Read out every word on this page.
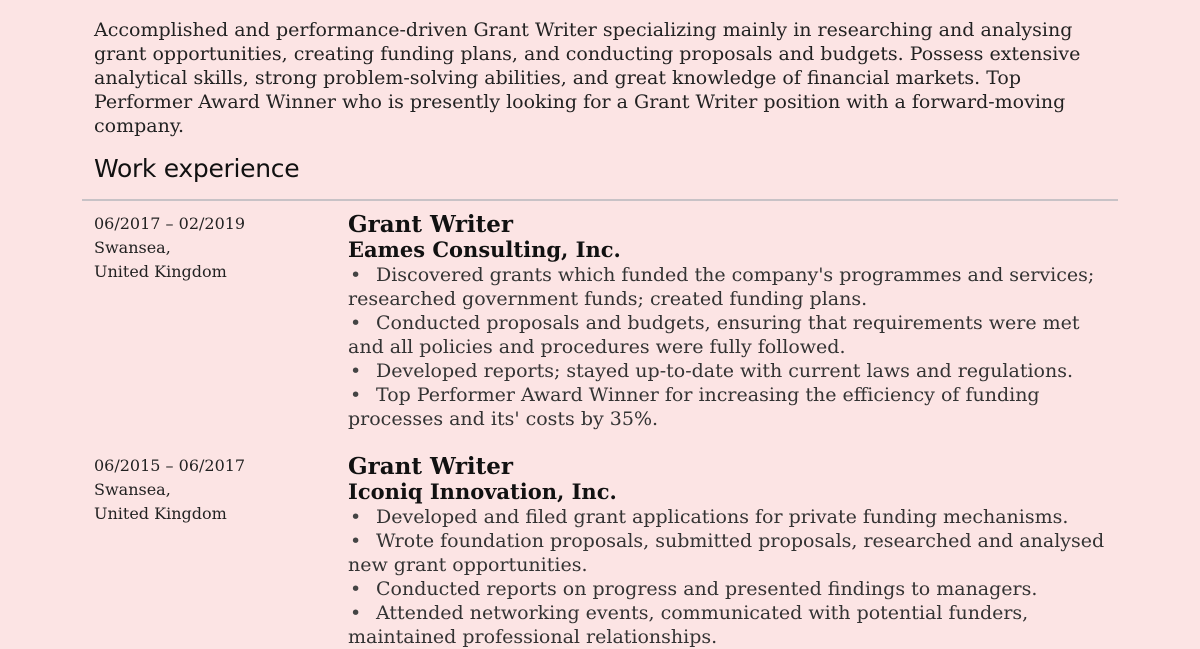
Accomplished and performance-driven Grant Writer specializing mainly in researching and analysing grant opportunities, creating funding plans, and conducting proposals and budgets. Possess extensive analytical skills, strong problem-solving abilities, and great knowledge of financial markets. Top Performer Award Winner who is presently looking for a Grant Writer position with a forward-moving company.

Work experience
06/2017 – 02/2019
Swansea,
United Kingdom
Grant Writer
Eames Consulting, Inc.
• Discovered grants which funded the company's programmes and services; researched government funds; created funding plans.
• Conducted proposals and budgets, ensuring that requirements were met and all policies and procedures were fully followed.
• Developed reports; stayed up-to-date with current laws and regulations.
• Top Performer Award Winner for increasing the efficiency of funding processes and its' costs by 35%.
06/2015 – 06/2017
Swansea,
United Kingdom
Grant Writer
Iconiq Innovation, Inc.
• Developed and filed grant applications for private funding mechanisms.
• Wrote foundation proposals, submitted proposals, researched and analysed new grant opportunities.
• Conducted reports on progress and presented findings to managers.
• Attended networking events, communicated with potential funders, maintained professional relationships.
